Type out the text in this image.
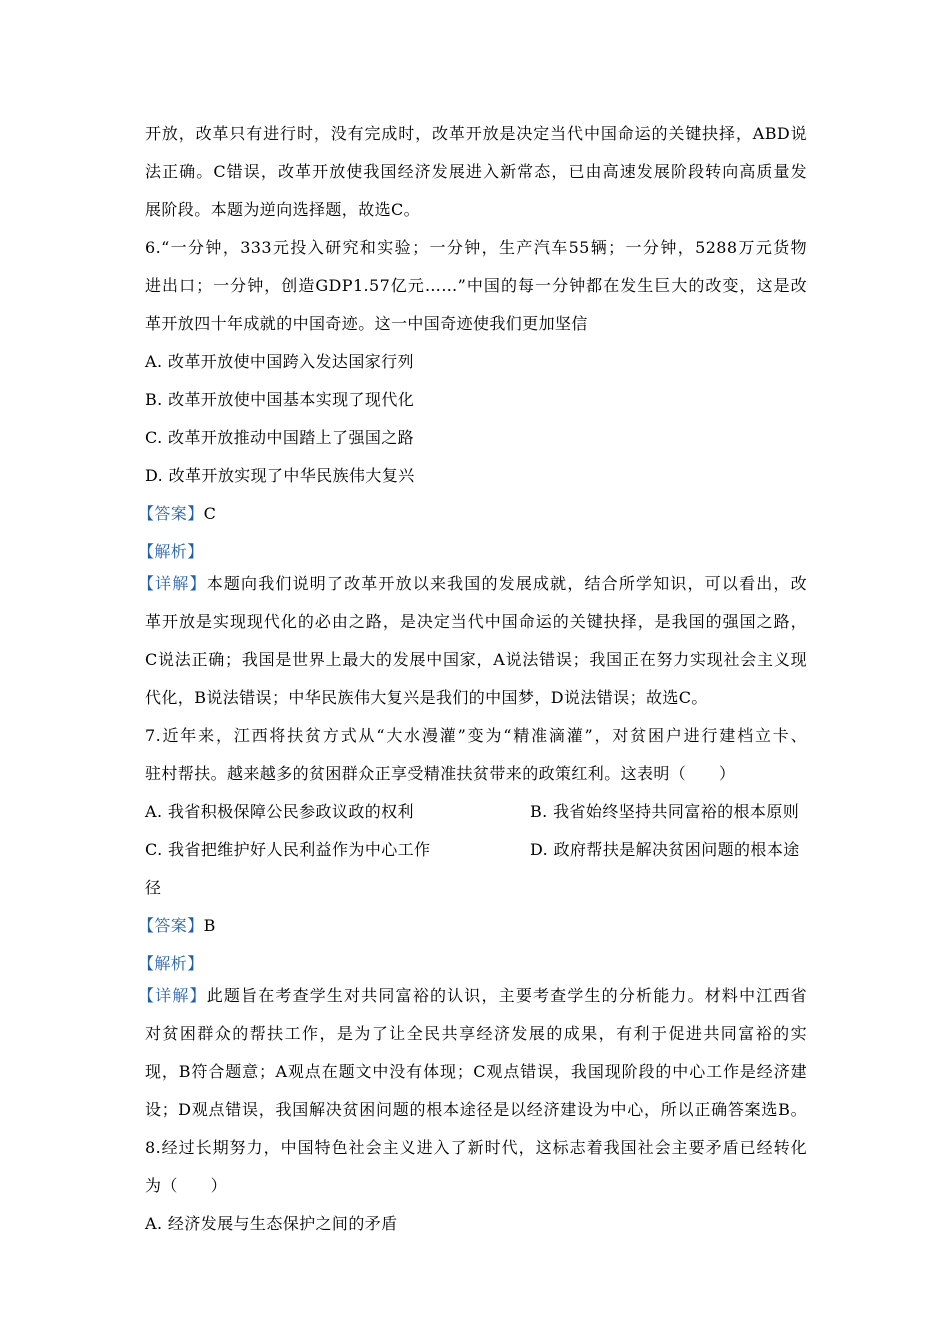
开放，改革只有进行时，没有完成时，改革开放是决定当代中国命运的关键抉择，ABD说
法正确。C错误，改革开放使我国经济发展进入新常态，已由高速发展阶段转向高质量发
展阶段。本题为逆向选择题，故选C。
6.“一分钟，333元投入研究和实验；一分钟，生产汽车55辆；一分钟，5288万元货物
进出口；一分钟，创造GDP1.57亿元……”中国的每一分钟都在发生巨大的改变，这是改
革开放四十年成就的中国奇迹。这一中国奇迹使我们更加坚信
A. 改革开放使中国跨入发达国家行列
B. 改革开放使中国基本实现了现代化
C. 改革开放推动中国踏上了强国之路
D. 改革开放实现了中华民族伟大复兴
革开放是实现现代化的必由之路，是决定当代中国命运的关键抉择，是我国的强国之路，
C说法正确；我国是世界上最大的发展中国家，A说法错误；我国正在努力实现社会主义现
代化，B说法错误；中华民族伟大复兴是我们的中国梦，D说法错误；故选C。
7.近年来，江西将扶贫方式从“大水漫灌”变为“精准滴灌”，对贫困户进行建档立卡、
驻村帮扶。越来越多的贫困群众正享受精准扶贫带来的政策红利。这表明（　　）
A. 我省积极保障公民参政议政的权利
C. 我省把维护好人民利益作为中心工作
径
对贫困群众的帮扶工作，是为了让全民共享经济发展的成果，有利于促进共同富裕的实
现，B符合题意；A观点在题文中没有体现；C观点错误，我国现阶段的中心工作是经济建
设；D观点错误，我国解决贫困问题的根本途径是以经济建设为中心，所以正确答案选B。
8.经过长期努力，中国特色社会主义进入了新时代，这标志着我国社会主要矛盾已经转化
为（　　）
A. 经济发展与生态保护之间的矛盾
B. 我省始终坚持共同富裕的根本原则
D. 政府帮扶是解决贫困问题的根本途
【答案】C
【解析】
【详解】本题向我们说明了改革开放以来我国的发展成就，结合所学知识，可以看出，改
【答案】B
【解析】
【详解】此题旨在考查学生对共同富裕的认识，主要考查学生的分析能力。材料中江西省
